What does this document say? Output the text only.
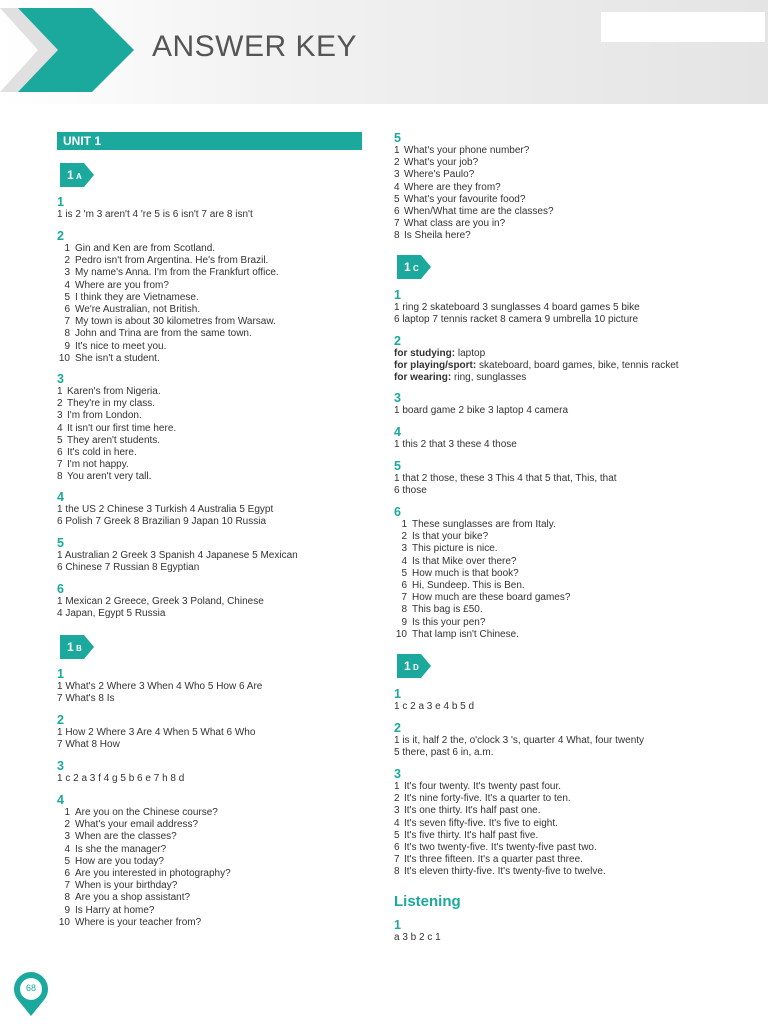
ANSWER KEY
UNIT 1
1 A
1 B
1 C
1 D
1
1 is 2 'm 3 aren't 4 're 5 is 6 isn't 7 are 8 isn't
2
1 Gin and Ken are from Scotland.
2 Pedro isn't from Argentina. He's from Brazil.
3 My name's Anna. I'm from the Frankfurt office.
4 Where are you from?
5 I think they are Vietnamese.
6 We're Australian, not British.
7 My town is about 30 kilometres from Warsaw.
8 John and Trina are from the same town.
9 It's nice to meet you.
10 She isn't a student.
3
1 Karen's from Nigeria.
2 They're in my class.
3 I'm from London.
4 It isn't our first time here.
5 They aren't students.
6 It's cold in here.
7 I'm not happy.
8 You aren't very tall.
4
1 the US 2 Chinese 3 Turkish 4 Australia 5 Egypt
6 Polish 7 Greek 8 Brazilian 9 Japan 10 Russia
5
1 Australian 2 Greek 3 Spanish 4 Japanese 5 Mexican
6 Chinese 7 Russian 8 Egyptian
6
1 Mexican 2 Greece, Greek 3 Poland, Chinese
4 Japan, Egypt 5 Russia
1
1 What's 2 Where 3 When 4 Who 5 How 6 Are
7 What's 8 Is
2
1 How 2 Where 3 Are 4 When 5 What 6 Who
7 What 8 How
3
1 c 2 a 3 f 4 g 5 b 6 e 7 h 8 d
4
1 Are you on the Chinese course?
2 What's your email address?
3 When are the classes?
4 Is she the manager?
5 How are you today?
6 Are you interested in photography?
7 When is your birthday?
8 Are you a shop assistant?
9 Is Harry at home?
10 Where is your teacher from?
5
1 What's your phone number?
2 What's your job?
3 Where's Paulo?
4 Where are they from?
5 What's your favourite food?
6 When/What time are the classes?
7 What class are you in?
8 Is Sheila here?
1
1 ring 2 skateboard 3 sunglasses 4 board games 5 bike
6 laptop 7 tennis racket 8 camera 9 umbrella 10 picture
2
for studying: laptop
for playing/sport: skateboard, board games, bike, tennis racket
for wearing: ring, sunglasses
3
1 board game 2 bike 3 laptop 4 camera
4
1 this 2 that 3 these 4 those
5
1 that 2 those, these 3 This 4 that 5 that, This, that
6 those
6
1 These sunglasses are from Italy.
2 Is that your bike?
3 This picture is nice.
4 Is that Mike over there?
5 How much is that book?
6 Hi, Sundeep. This is Ben.
7 How much are these board games?
8 This bag is £50.
9 Is this your pen?
10 That lamp isn't Chinese.
1
1 c 2 a 3 e 4 b 5 d
2
1 is it, half 2 the, o'clock 3 's, quarter 4 What, four twenty
5 there, past 6 in, a.m.
3
1 It's four twenty. It's twenty past four.
2 It's nine forty-five. It's a quarter to ten.
3 It's one thirty. It's half past one.
4 It's seven fifty-five. It's five to eight.
5 It's five thirty. It's half past five.
6 It's two twenty-five. It's twenty-five past two.
7 It's three fifteen. It's a quarter past three.
8 It's eleven thirty-five. It's twenty-five to twelve.
Listening
1
a 3 b 2 c 1
68
